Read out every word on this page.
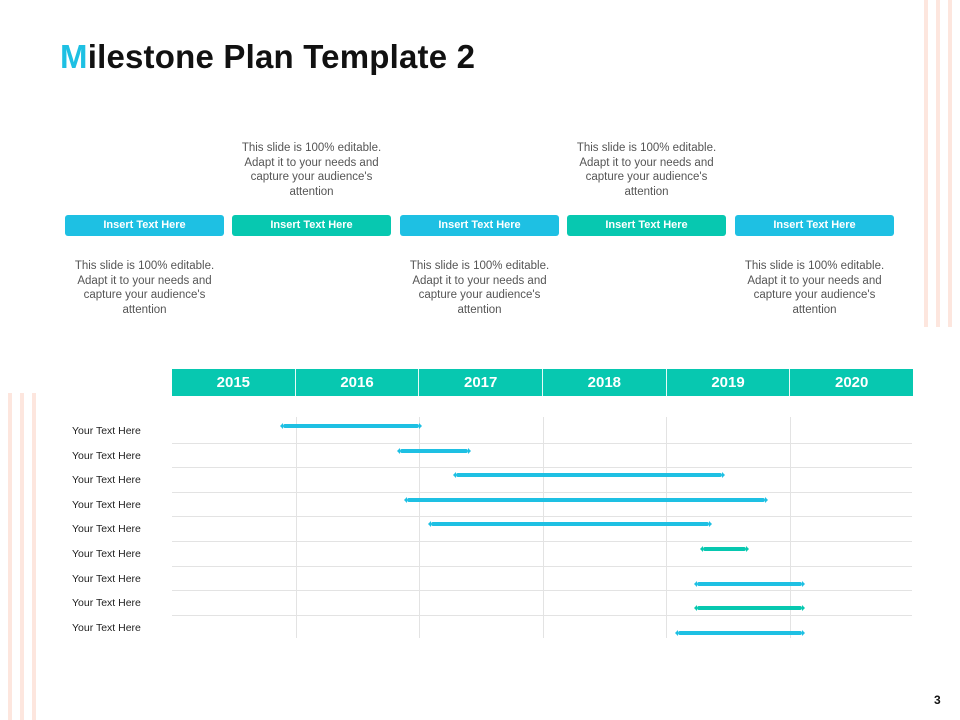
Milestone Plan Template 2
This slide is 100% editable. Adapt it to your needs and capture your audience's attention
Insert Text Here
This slide is 100% editable. Adapt it to your needs and capture your audience's attention
Insert Text Here
This slide is 100% editable. Adapt it to your needs and capture your audience's attention
Insert Text Here
This slide is 100% editable. Adapt it to your needs and capture your audience's attention
Insert Text Here
This slide is 100% editable. Adapt it to your needs and capture your audience's attention
Insert Text Here
2015	2016	2017	2018	2019	2020
Your Text Here
Your Text Here
Your Text Here
Your Text Here
Your Text Here
Your Text Here
Your Text Here
Your Text Here
Your Text Here
3
